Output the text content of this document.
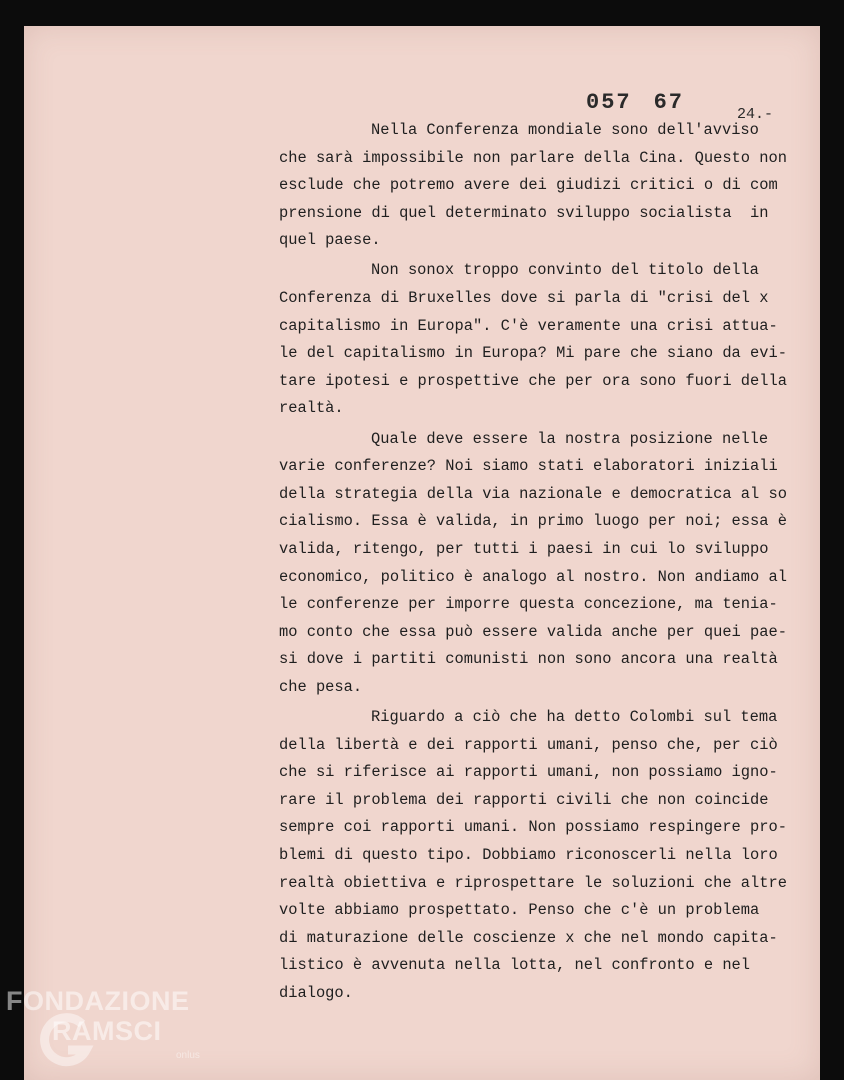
057 67	24.-
Nella Conferenza mondiale sono dell'avviso
che sarà impossibile non parlare della Cina. Questo non
esclude che potremo avere dei giudizi critici o di com
prensione di quel determinato sviluppo socialista  in
quel paese.
Non sonox troppo convinto del titolo della
Conferenza di Bruxelles dove si parla di "crisi del x
capitalismo in Europa". C'è veramente una crisi attua-
le del capitalismo in Europa? Mi pare che siano da evi-
tare ipotesi e prospettive che per ora sono fuori della
realtà.
Quale deve essere la nostra posizione nelle
varie conferenze? Noi siamo stati elaboratori iniziali
della strategia della via nazionale e democratica al so
cialismo. Essa è valida, in primo luogo per noi; essa è
valida, ritengo, per tutti i paesi in cui lo sviluppo
economico, politico è analogo al nostro. Non andiamo al
le conferenze per imporre questa concezione, ma tenia-
mo conto che essa può essere valida anche per quei pae-
si dove i partiti comunisti non sono ancora una realtà
che pesa.
Riguardo a ciò che ha detto Colombi sul tema
della libertà e dei rapporti umani, penso che, per ciò
che si riferisce ai rapporti umani, non possiamo igno-
rare il problema dei rapporti civili che non coincide
sempre coi rapporti umani. Non possiamo respingere pro-
blemi di questo tipo. Dobbiamo riconoscerli nella loro
realtà obiettiva e riprospettare le soluzioni che altre
volte abbiamo prospettato. Penso che c'è un problema
di maturazione delle coscienze x che nel mondo capita-
listico è avvenuta nella lotta, nel confronto e nel
dialogo.
FONDAZIONE
RAMSCI
onlus
